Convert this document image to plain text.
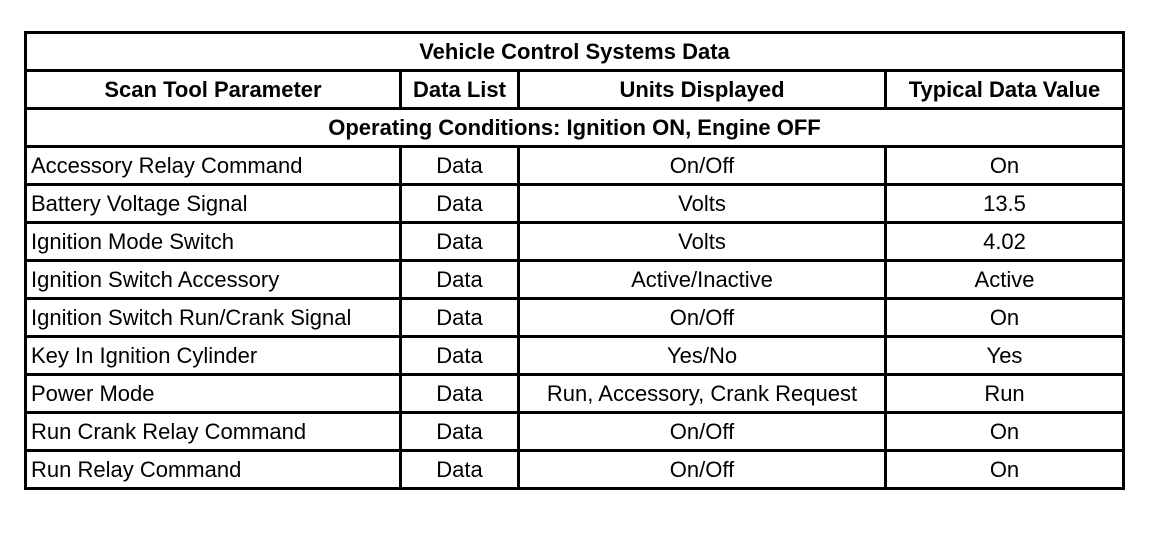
Vehicle Control Systems Data			
Scan Tool Parameter	Data List	Units Displayed	Typical Data Value
Operating Conditions: Ignition ON, Engine OFF			
Accessory Relay Command	Data	On/Off	On
Battery Voltage Signal	Data	Volts	13.5
Ignition Mode Switch	Data	Volts	4.02
Ignition Switch Accessory	Data	Active/Inactive	Active
Ignition Switch Run/Crank Signal	Data	On/Off	On
Key In Ignition Cylinder	Data	Yes/No	Yes
Power Mode	Data	Run, Accessory, Crank Request	Run
Run Crank Relay Command	Data	On/Off	On
Run Relay Command	Data	On/Off	On
